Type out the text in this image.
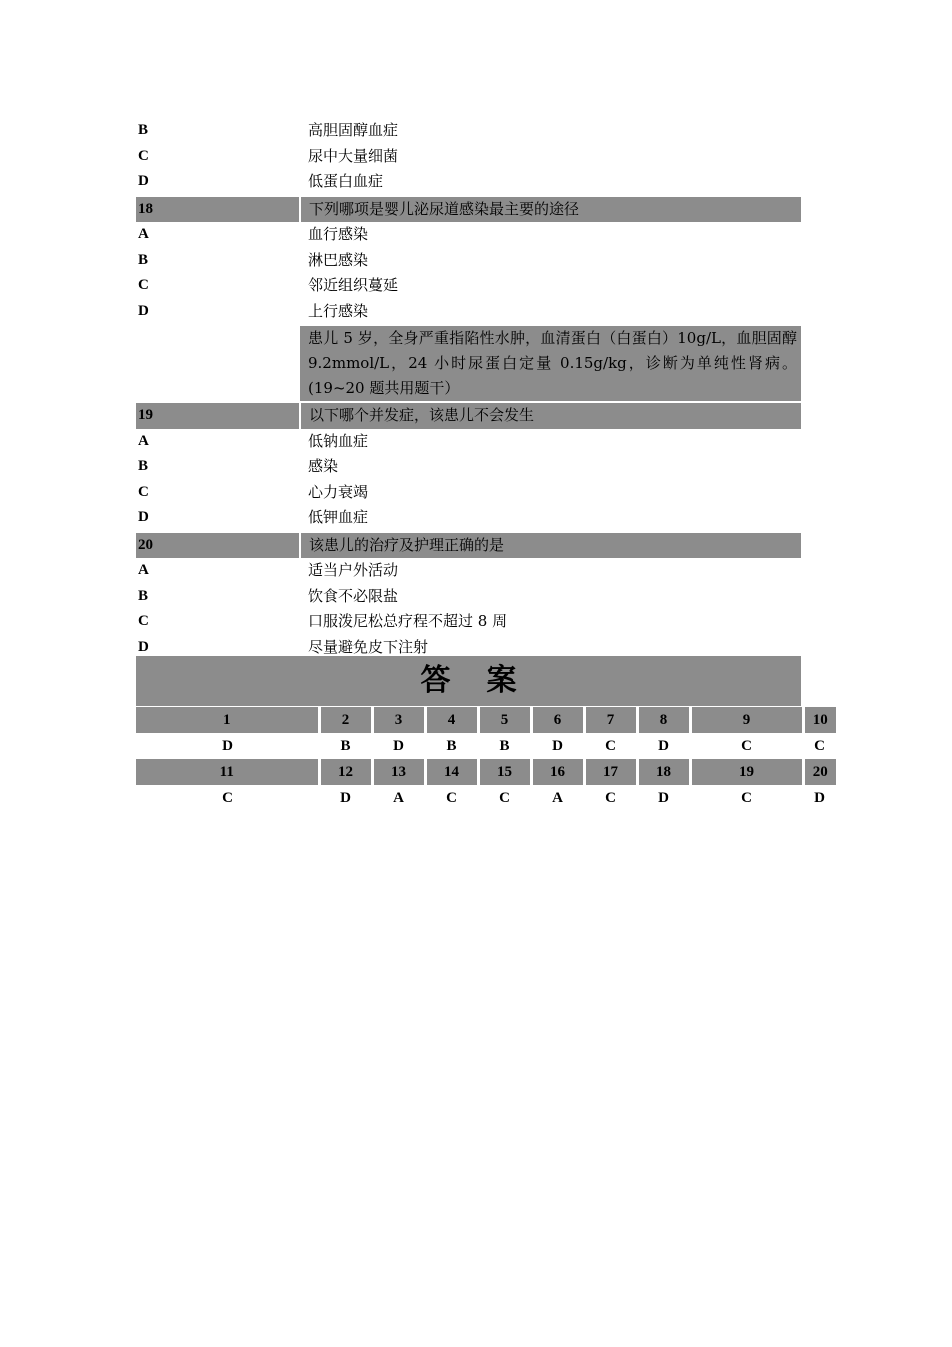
B	高胆固醇血症
C	尿中大量细菌
D	低蛋白血症
18	下列哪项是婴儿泌尿道感染最主要的途径
A	血行感染
B	淋巴感染
C	邻近组织蔓延
D	上行感染
	患儿 5 岁，全身严重指陷性水肿，血清蛋白（白蛋白）10g/L，血胆固醇 9.2mmol/L，24 小时尿蛋白定量 0.15g/kg，诊断为单纯性肾病。(19~20 题共用题干）
19	以下哪个并发症，该患儿不会发生
A	低钠血症
B	感染
C	心力衰竭
D	低钾血症
20	该患儿的治疗及护理正确的是
A	适当户外活动
B	饮食不必限盐
C	口服泼尼松总疗程不超过 8 周
D	尽量避免皮下注射
答案
1	2	3	4	5	6	7	8	9	10
D	B	D	B	B	D	C	D	C	C
11	12	13	14	15	16	17	18	19	20
C	D	A	C	C	A	C	D	C	D
